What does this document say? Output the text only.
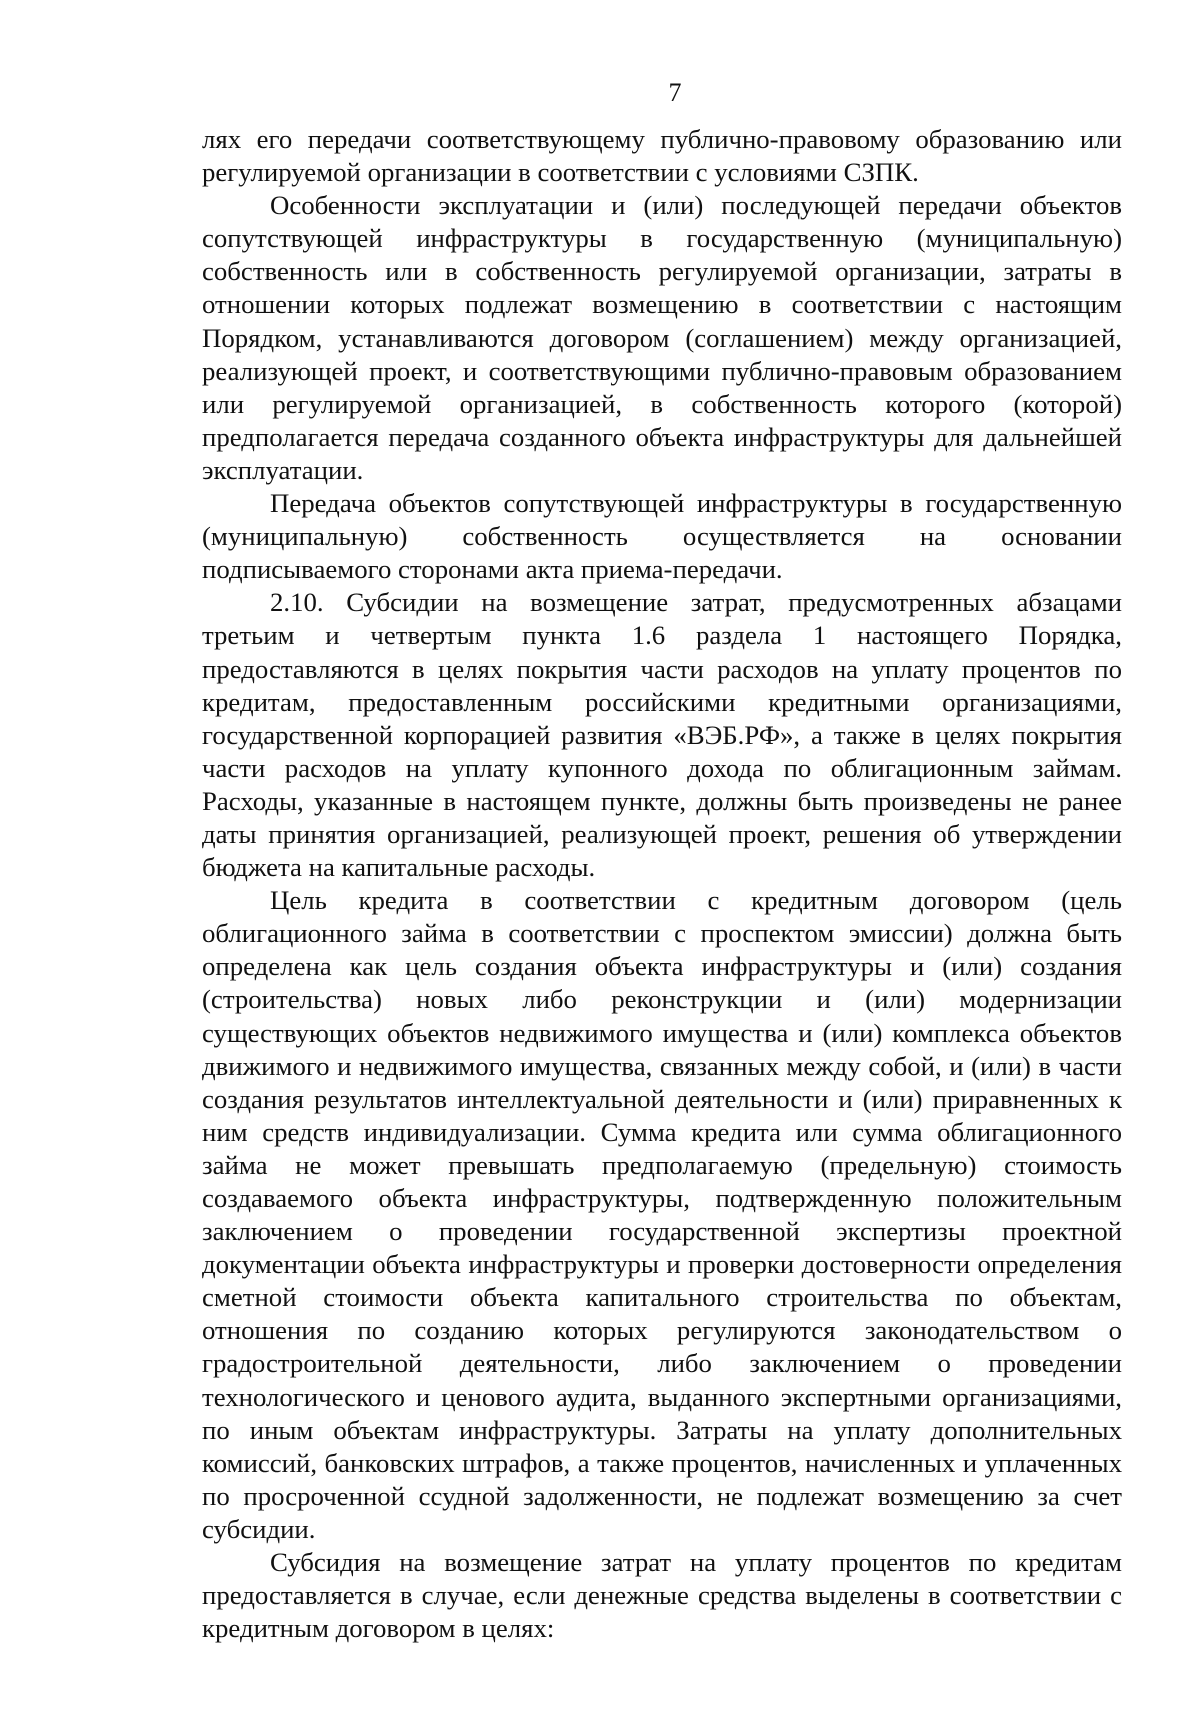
7

лях его передачи соответствующему публично-правовому образованию или регулируемой организации в соответствии с условиями СЗПК.

Особенности эксплуатации и (или) последующей передачи объектов сопутствующей инфраструктуры в государственную (муниципальную) собственность или в собственность регулируемой организации, затраты в отношении которых подлежат возмещению в соответствии с настоящим Порядком, устанавливаются договором (соглашением) между организацией, реализующей проект, и соответствующими публично-правовым образованием или регулируемой организацией, в собственность которого (которой) предполагается передача созданного объекта инфраструктуры для дальнейшей эксплуатации.

Передача объектов сопутствующей инфраструктуры в государственную (муниципальную) собственность осуществляется на основании подписываемого сторонами акта приема-передачи.

2.10. Субсидии на возмещение затрат, предусмотренных абзацами третьим и четвертым пункта 1.6 раздела 1 настоящего Порядка, предоставляются в целях покрытия части расходов на уплату процентов по кредитам, предоставленным российскими кредитными организациями, государственной корпорацией развития «ВЭБ.РФ», а также в целях покрытия части расходов на уплату купонного дохода по облигационным займам. Расходы, указанные в настоящем пункте, должны быть произведены не ранее даты принятия организацией, реализующей проект, решения об утверждении бюджета на капитальные расходы.

Цель кредита в соответствии с кредитным договором (цель облигационного займа в соответствии с проспектом эмиссии) должна быть определена как цель создания объекта инфраструктуры и (или) создания (строительства) новых либо реконструкции и (или) модернизации существующих объектов недвижимого имущества и (или) комплекса объектов движимого и недвижимого имущества, связанных между собой, и (или) в части создания результатов интеллектуальной деятельности и (или) приравненных к ним средств индивидуализации. Сумма кредита или сумма облигационного займа не может превышать предполагаемую (предельную) стоимость создаваемого объекта инфраструктуры, подтвержденную положительным заключением о проведении государственной экспертизы проектной документации объекта инфраструктуры и проверки достоверности определения сметной стоимости объекта капитального строительства по объектам, отношения по созданию которых регулируются законодательством о градостроительной деятельности, либо заключением о проведении технологического и ценового аудита, выданного экспертными организациями, по иным объектам инфраструктуры. Затраты на уплату дополнительных комиссий, банковских штрафов, а также процентов, начисленных и уплаченных по просроченной ссудной задолженности, не подлежат возмещению за счет субсидии.

Субсидия на возмещение затрат на уплату процентов по кредитам предоставляется в случае, если денежные средства выделены в соответствии с кредитным договором в целях:
